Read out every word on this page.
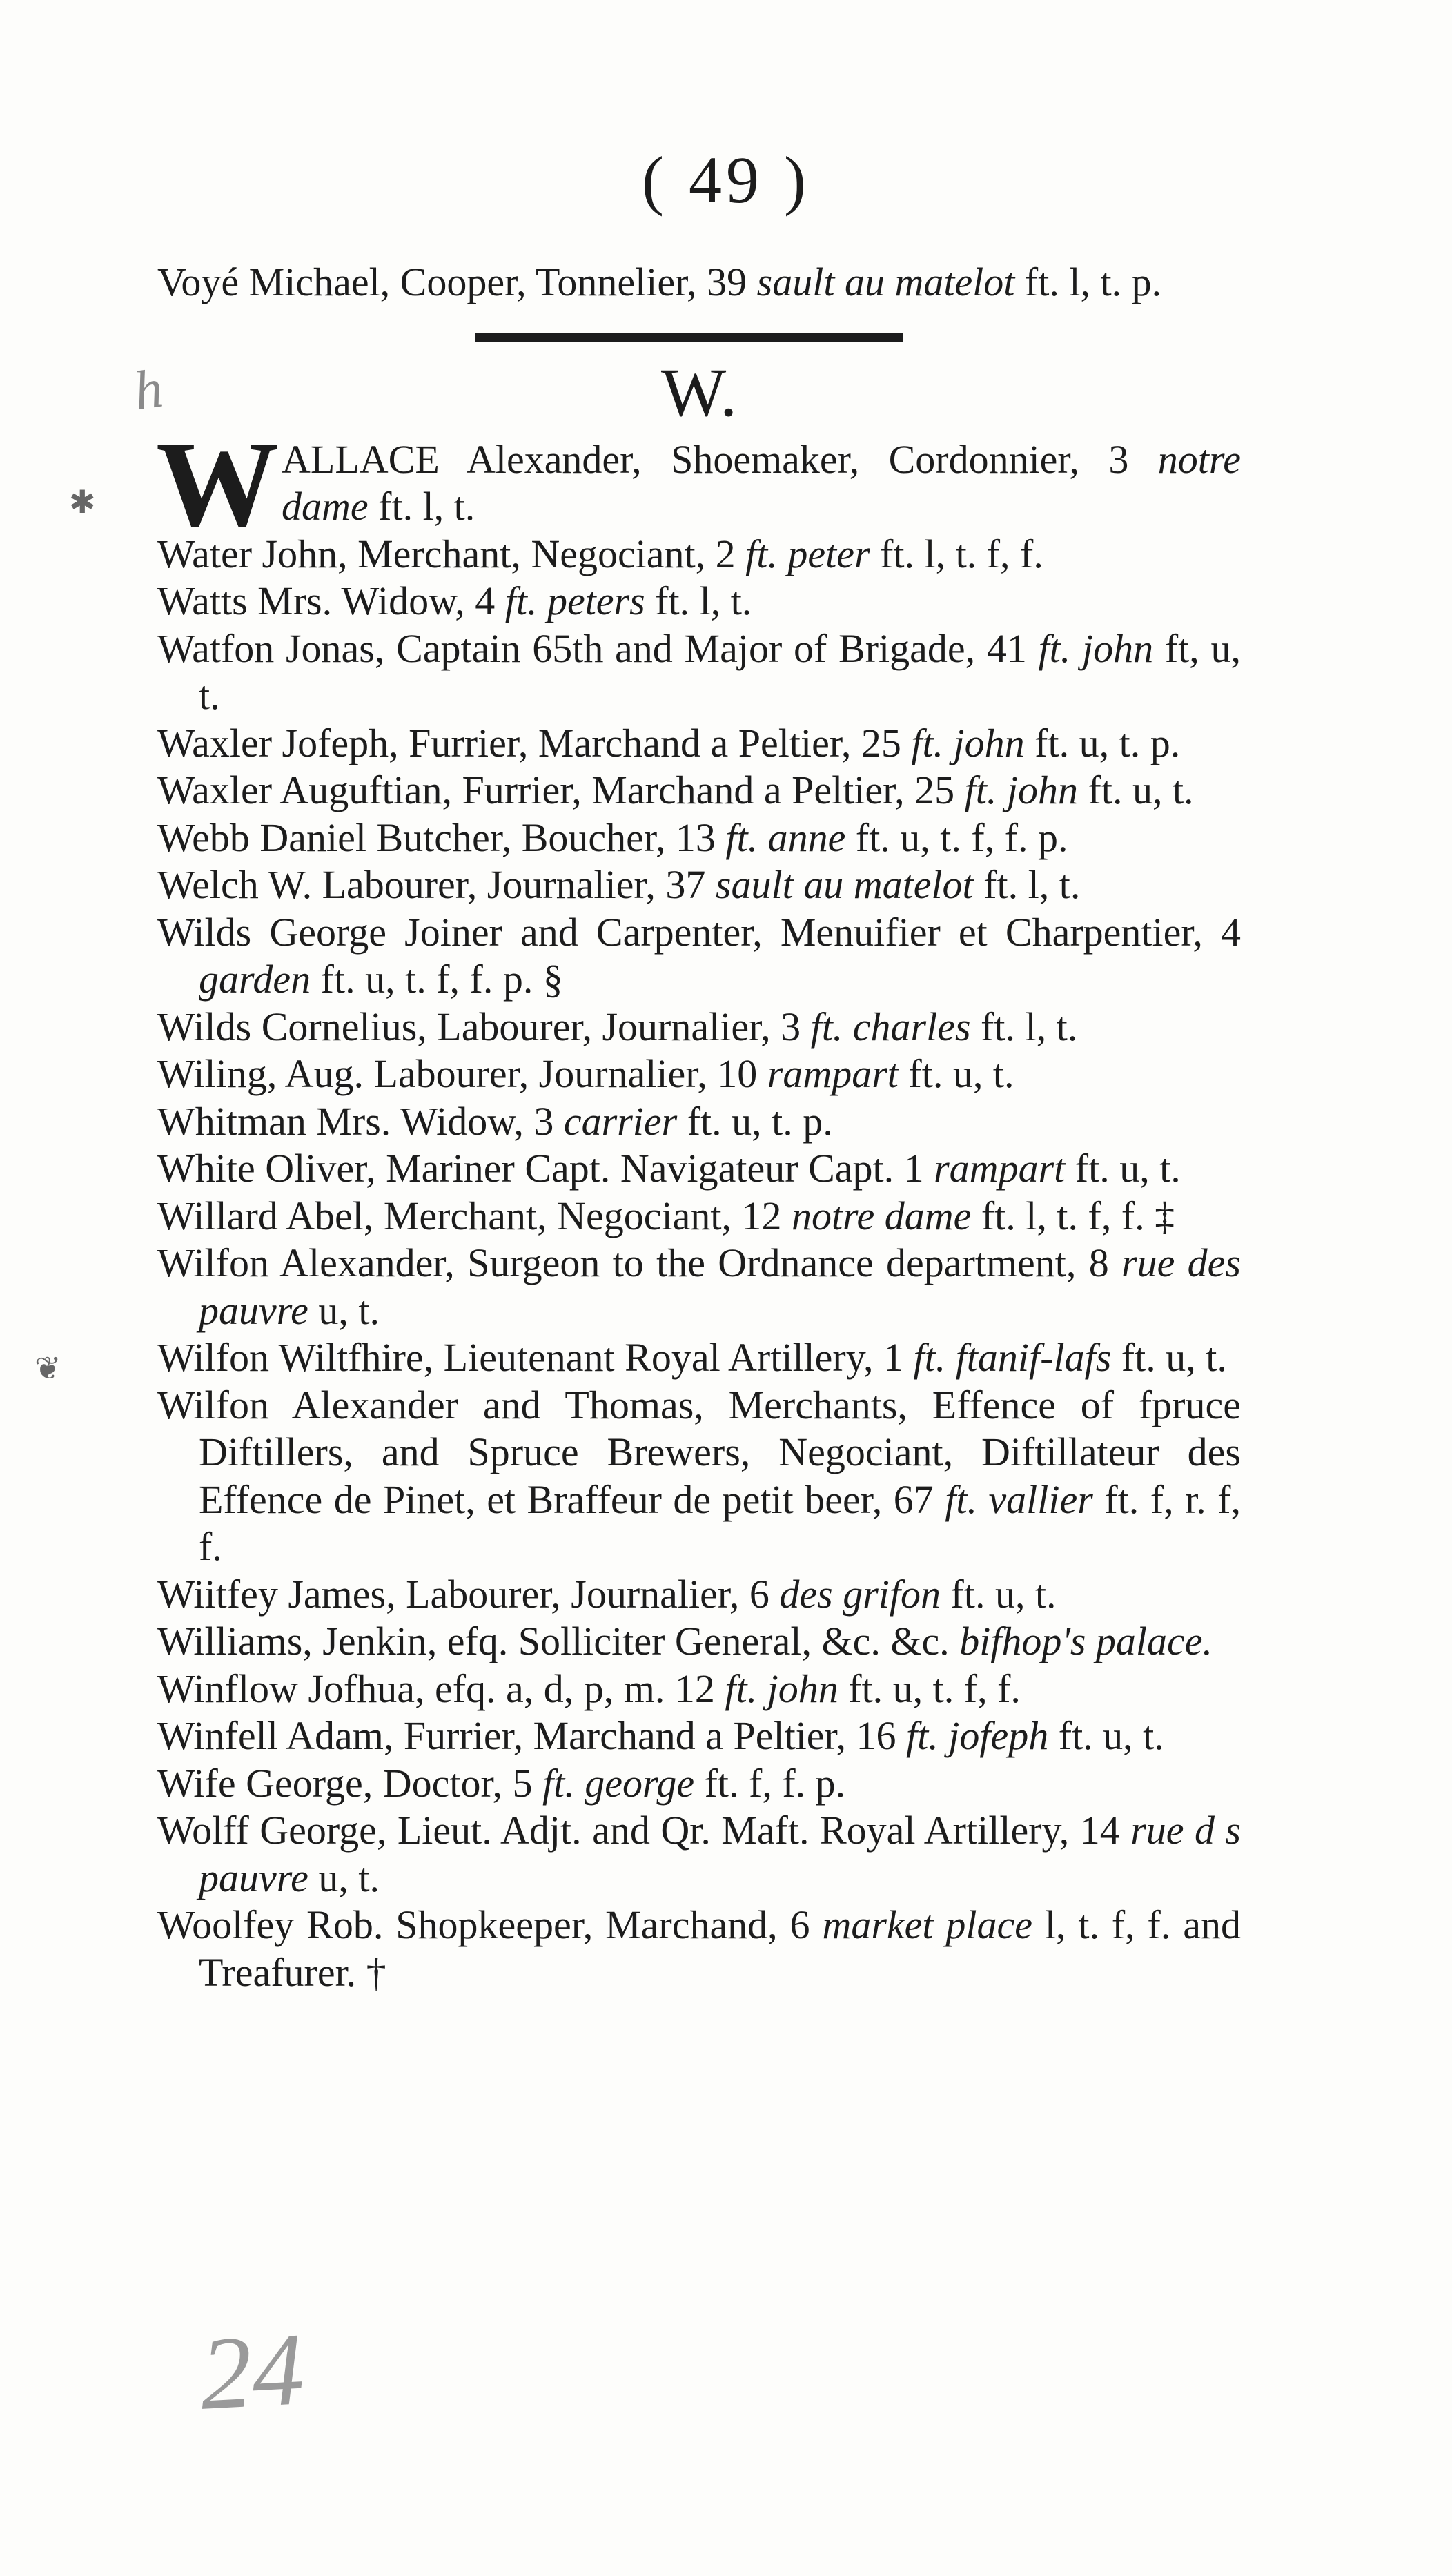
( 49 )
h
✱
❦
Voyé Michael, Cooper, Tonnelier, 39 sault au matelot ft. l, t. p.
W.
W ALLACE Alexander, Shoemaker, Cordonnier, 3 notre dame ft. l, t.
Water John, Merchant, Negociant, 2 ft. peter ft. l, t. f, f.
Watts Mrs. Widow, 4 ft. peters ft. l, t.
Watfon Jonas, Captain 65th and Major of Brigade, 41 ft. john ft, u, t.
Waxler Jofeph, Furrier, Marchand a Peltier, 25 ft. john ft. u, t. p.
Waxler Auguftian, Furrier, Marchand a Peltier, 25 ft. john ft. u, t.
Webb Daniel Butcher, Boucher, 13 ft. anne ft. u, t. f, f. p.
Welch W. Labourer, Journalier, 37 sault au matelot ft. l, t.
Wilds George Joiner and Carpenter, Menuifier et Charpentier, 4 garden ft. u, t. f, f. p. §
Wilds Cornelius, Labourer, Journalier, 3 ft. charles ft. l, t.
Wiling, Aug. Labourer, Journalier, 10 rampart ft. u, t.
Whitman Mrs. Widow, 3 carrier ft. u, t. p.
White Oliver, Mariner Capt. Navigateur Capt. 1 rampart ft. u, t.
Willard Abel, Merchant, Negociant, 12 notre dame ft. l, t. f, f. ‡
Wilfon Alexander, Surgeon to the Ordnance department, 8 rue des pauvre u, t.
Wilfon Wiltfhire, Lieutenant Royal Artillery, 1 ft. ftanif-lafs ft. u, t.
Wilfon Alexander and Thomas, Merchants, Effence of fpruce Diftillers, and Spruce Brewers, Negociant, Diftillateur des Effence de Pinet, et Braffeur de petit beer, 67 ft. vallier ft. f, r. f, f.
Wiitfey James, Labourer, Journalier, 6 des grifon ft. u, t.
Williams, Jenkin, efq. Solliciter General, &c. &c. bifhop's palace.
Winflow Jofhua, efq. a, d, p, m. 12 ft. john ft. u, t. f, f.
Winfell Adam, Furrier, Marchand a Peltier, 16 ft. jofeph ft. u, t.
Wife George, Doctor, 5 ft. george ft. f, f. p.
Wolff George, Lieut. Adjt. and Qr. Maft. Royal Artillery, 14 rue d s pauvre u, t.
Woolfey Rob. Shopkeeper, Marchand, 6 market place l, t. f, f. and Treafurer. †
24
